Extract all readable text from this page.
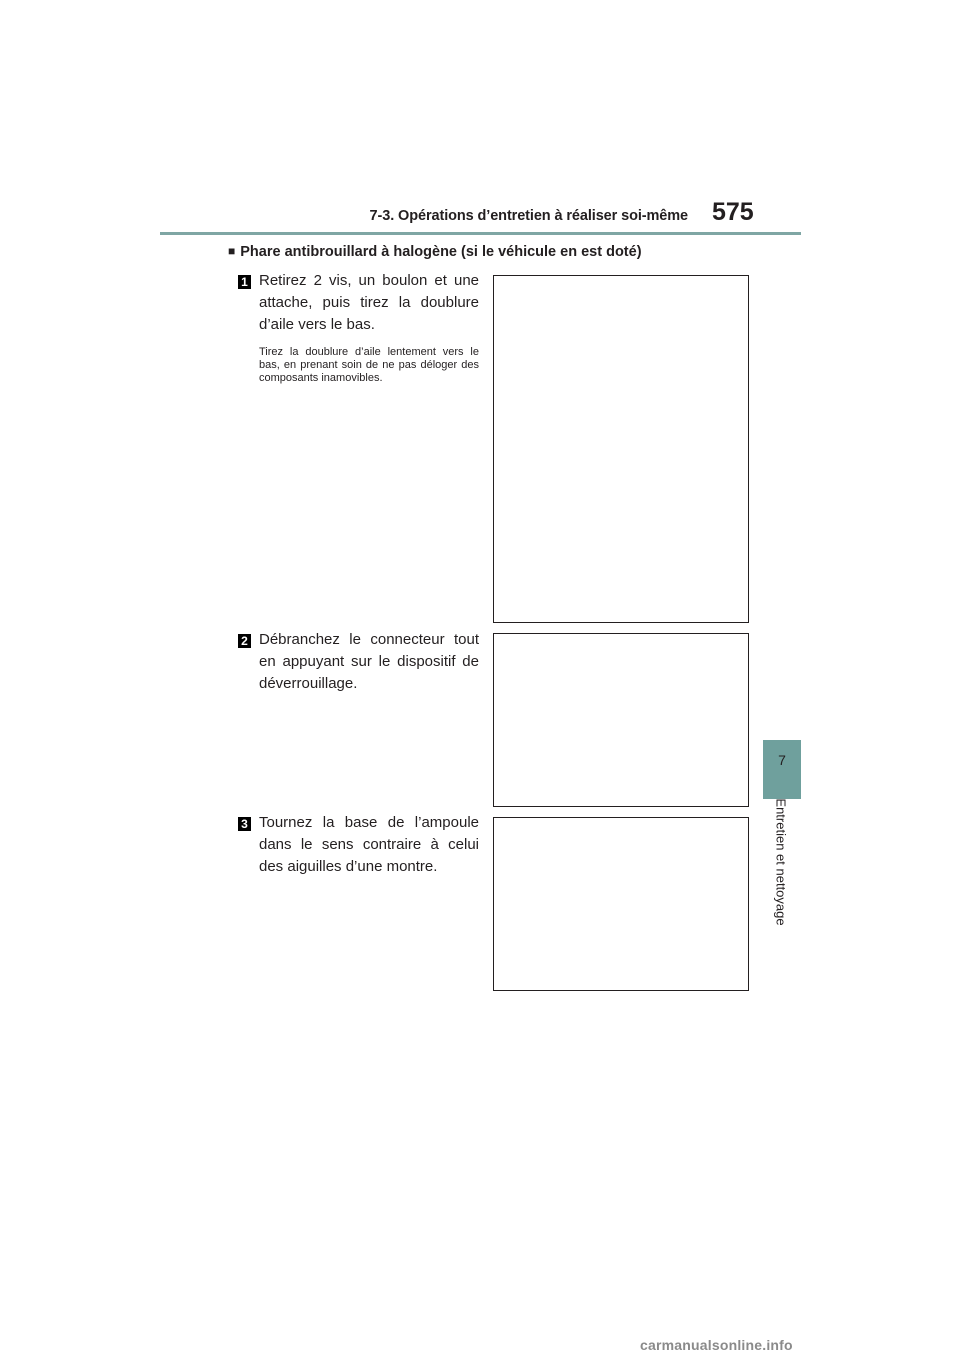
7-3. Opérations d’entretien à réaliser soi-même 575
7
Entretien et nettoyage
■ Phare antibrouillard à halogène (si le véhicule en est doté)
1 Retirez 2 vis, un boulon et une attache, puis tirez la doublure d’aile vers le bas.
Tirez la doublure d’aile lentement vers le bas, en prenant soin de ne pas déloger des composants inamovibles.
2 Débranchez le connecteur tout en appuyant sur le dispositif de déverrouillage.
3 Tournez la base de l’ampoule dans le sens contraire à celui des aiguilles d’une montre.
carmanualsonline.info
